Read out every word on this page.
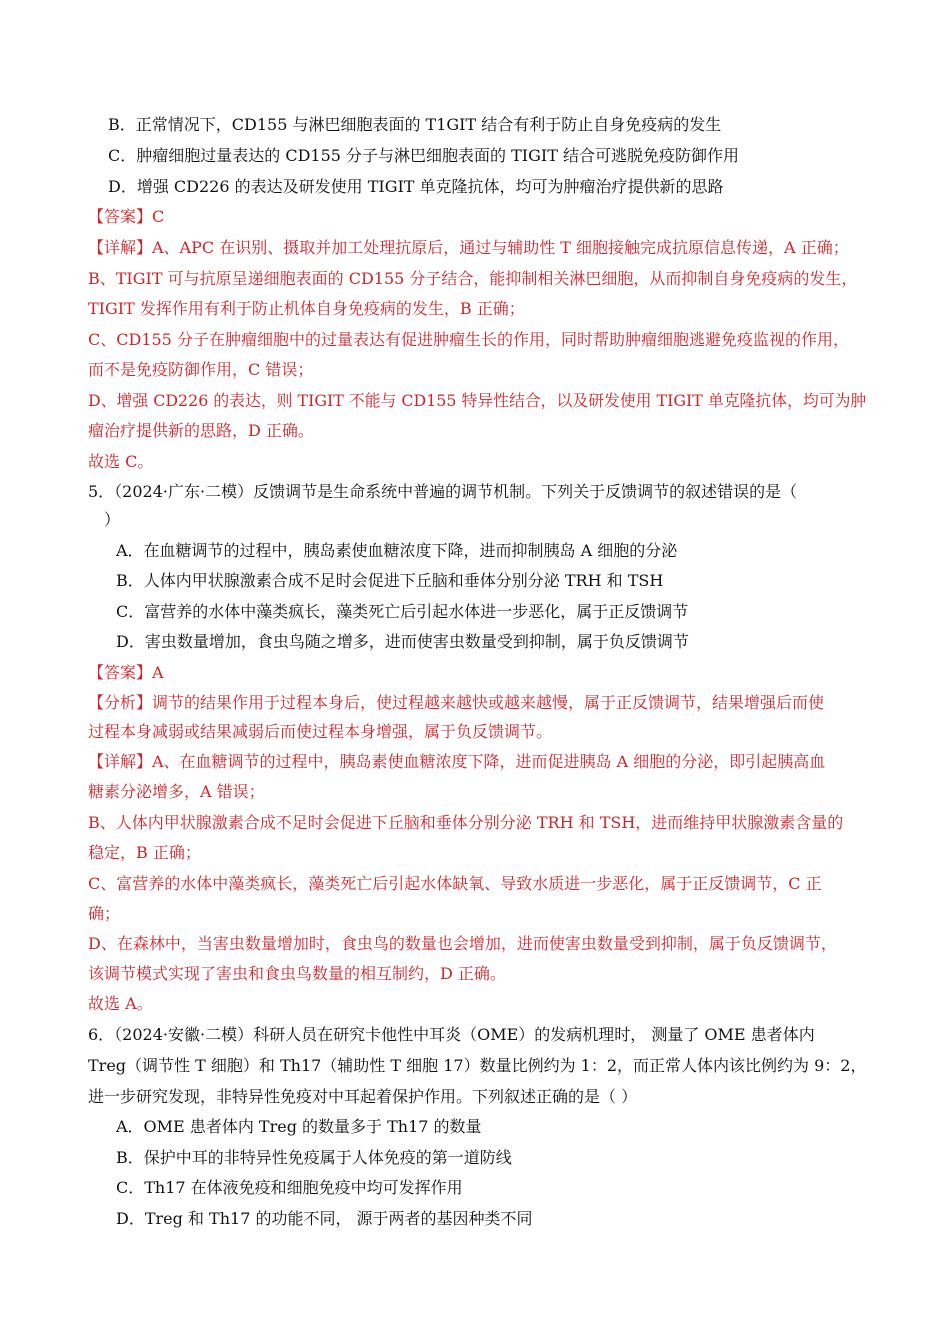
B．正常情况下，CD155 与淋巴细胞表面的 T1GIT 结合有利于防止自身免疫病的发生
C．肿瘤细胞过量表达的 CD155 分子与淋巴细胞表面的 TIGIT 结合可逃脱免疫防御作用
D．增强 CD226 的表达及研发使用 TIGIT 单克隆抗体，均可为肿瘤治疗提供新的思路
【答案】C
【详解】A、APC 在识别、摄取并加工处理抗原后，通过与辅助性 T 细胞接触完成抗原信息传递，A 正确；
B、TIGIT 可与抗原呈递细胞表面的 CD155 分子结合，能抑制相关淋巴细胞，从而抑制自身免疫病的发生，
TIGIT 发挥作用有利于防止机体自身免疫病的发生，B 正确；
C、CD155 分子在肿瘤细胞中的过量表达有促进肿瘤生长的作用，同时帮助肿瘤细胞逃避免疫监视的作用，
而不是免疫防御作用，C 错误；
D、增强 CD226 的表达，则 TIGIT 不能与 CD155 特异性结合，以及研发使用 TIGIT 单克隆抗体，均可为肿
瘤治疗提供新的思路，D 正确。
故选 C。
5．（2024·广东·二模）反馈调节是生命系统中普遍的调节机制。下列关于反馈调节的叙述错误的是（
）
A．在血糖调节的过程中，胰岛素使血糖浓度下降，进而抑制胰岛 A 细胞的分泌
B．人体内甲状腺激素合成不足时会促进下丘脑和垂体分别分泌 TRH 和 TSH
C．富营养的水体中藻类疯长，藻类死亡后引起水体进一步恶化，属于正反馈调节
D．害虫数量增加，食虫鸟随之增多，进而使害虫数量受到抑制，属于负反馈调节
【答案】A
【分析】调节的结果作用于过程本身后，使过程越来越快或越来越慢，属于正反馈调节，结果增强后而使
过程本身减弱或结果减弱后而使过程本身增强，属于负反馈调节。
【详解】A、在血糖调节的过程中，胰岛素使血糖浓度下降，进而促进胰岛 A 细胞的分泌，即引起胰高血
糖素分泌增多，A 错误；
B、人体内甲状腺激素合成不足时会促进下丘脑和垂体分别分泌 TRH 和 TSH，进而维持甲状腺激素含量的
稳定，B 正确；
C、富营养的水体中藻类疯长，藻类死亡后引起水体缺氧、导致水质进一步恶化，属于正反馈调节，C 正
确；
D、在森林中，当害虫数量增加时，食虫鸟的数量也会增加，进而使害虫数量受到抑制，属于负反馈调节，
该调节模式实现了害虫和食虫鸟数量的相互制约，D 正确。
故选 A。
6．（2024·安徽·二模）科研人员在研究卡他性中耳炎（OME）的发病机理时， 测量了 OME 患者体内
Treg（调节性 T 细胞）和 Th17（辅助性 T 细胞 17）数量比例约为 1：2，而正常人体内该比例约为 9：2，
进一步研究发现，非特异性免疫对中耳起着保护作用。下列叙述正确的是（ ）
A．OME 患者体内 Treg 的数量多于 Th17 的数量
B．保护中耳的非特异性免疫属于人体免疫的第一道防线
C．Th17 在体液免疫和细胞免疫中均可发挥作用
D．Treg 和 Th17 的功能不同， 源于两者的基因种类不同
